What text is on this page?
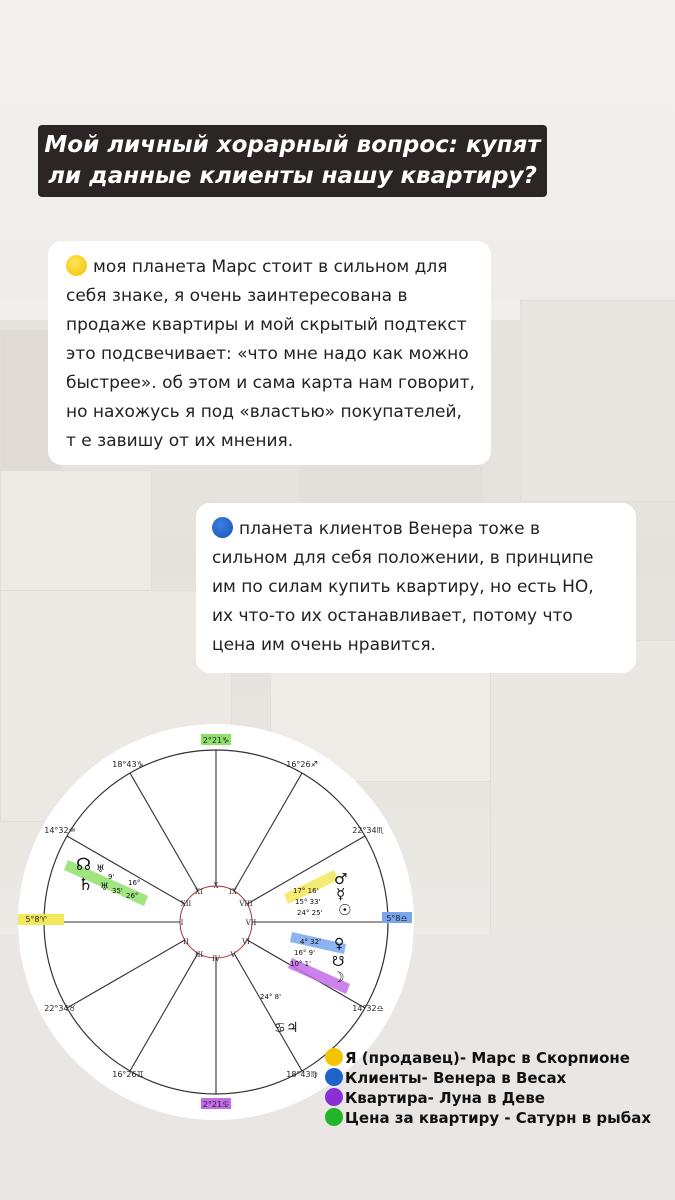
Мой личный хорарный вопрос: купят ли данные клиенты нашу квартиру?
моя планета Марс стоит в сильном для себя знаке, я очень заинтересована в продаже квартиры и мой скрытый подтекст это подсвечивает: «что мне надо как можно быстрее». об этом и сама карта нам говорит, но нахожусь я под «властью» покупателей, т е завишу от их мнения.
планета клиентов Венера тоже в сильном для себя положении, в принципе им по силам купить квартиру, но есть НО, их что-то их останавливает, потому что цена им очень нравится.
2°21♑
16°26♐
22°34♏
5°8♎
14°32♎
18°43♍
2°21♋
16°26♊
22°34♉
5°8♈
14°32♒
18°43♑
I
II
III IV V
VI
VII
VIII
IX
X
XI
XII
☊ ♅
9'
16°
♄ ♅ 35'
26°
17° 16'
♂
15° 33' ☿
24° 25' ☉
4° 32' ♀
16° 9'
☋
10° 1'
☽
24° 8'
♋ ♃
Я (продавец)- Марс в Скорпионе
Клиенты- Венера в Весах
Квартира- Луна в Деве
Цена за квартиру - Сатурн в рыбах
